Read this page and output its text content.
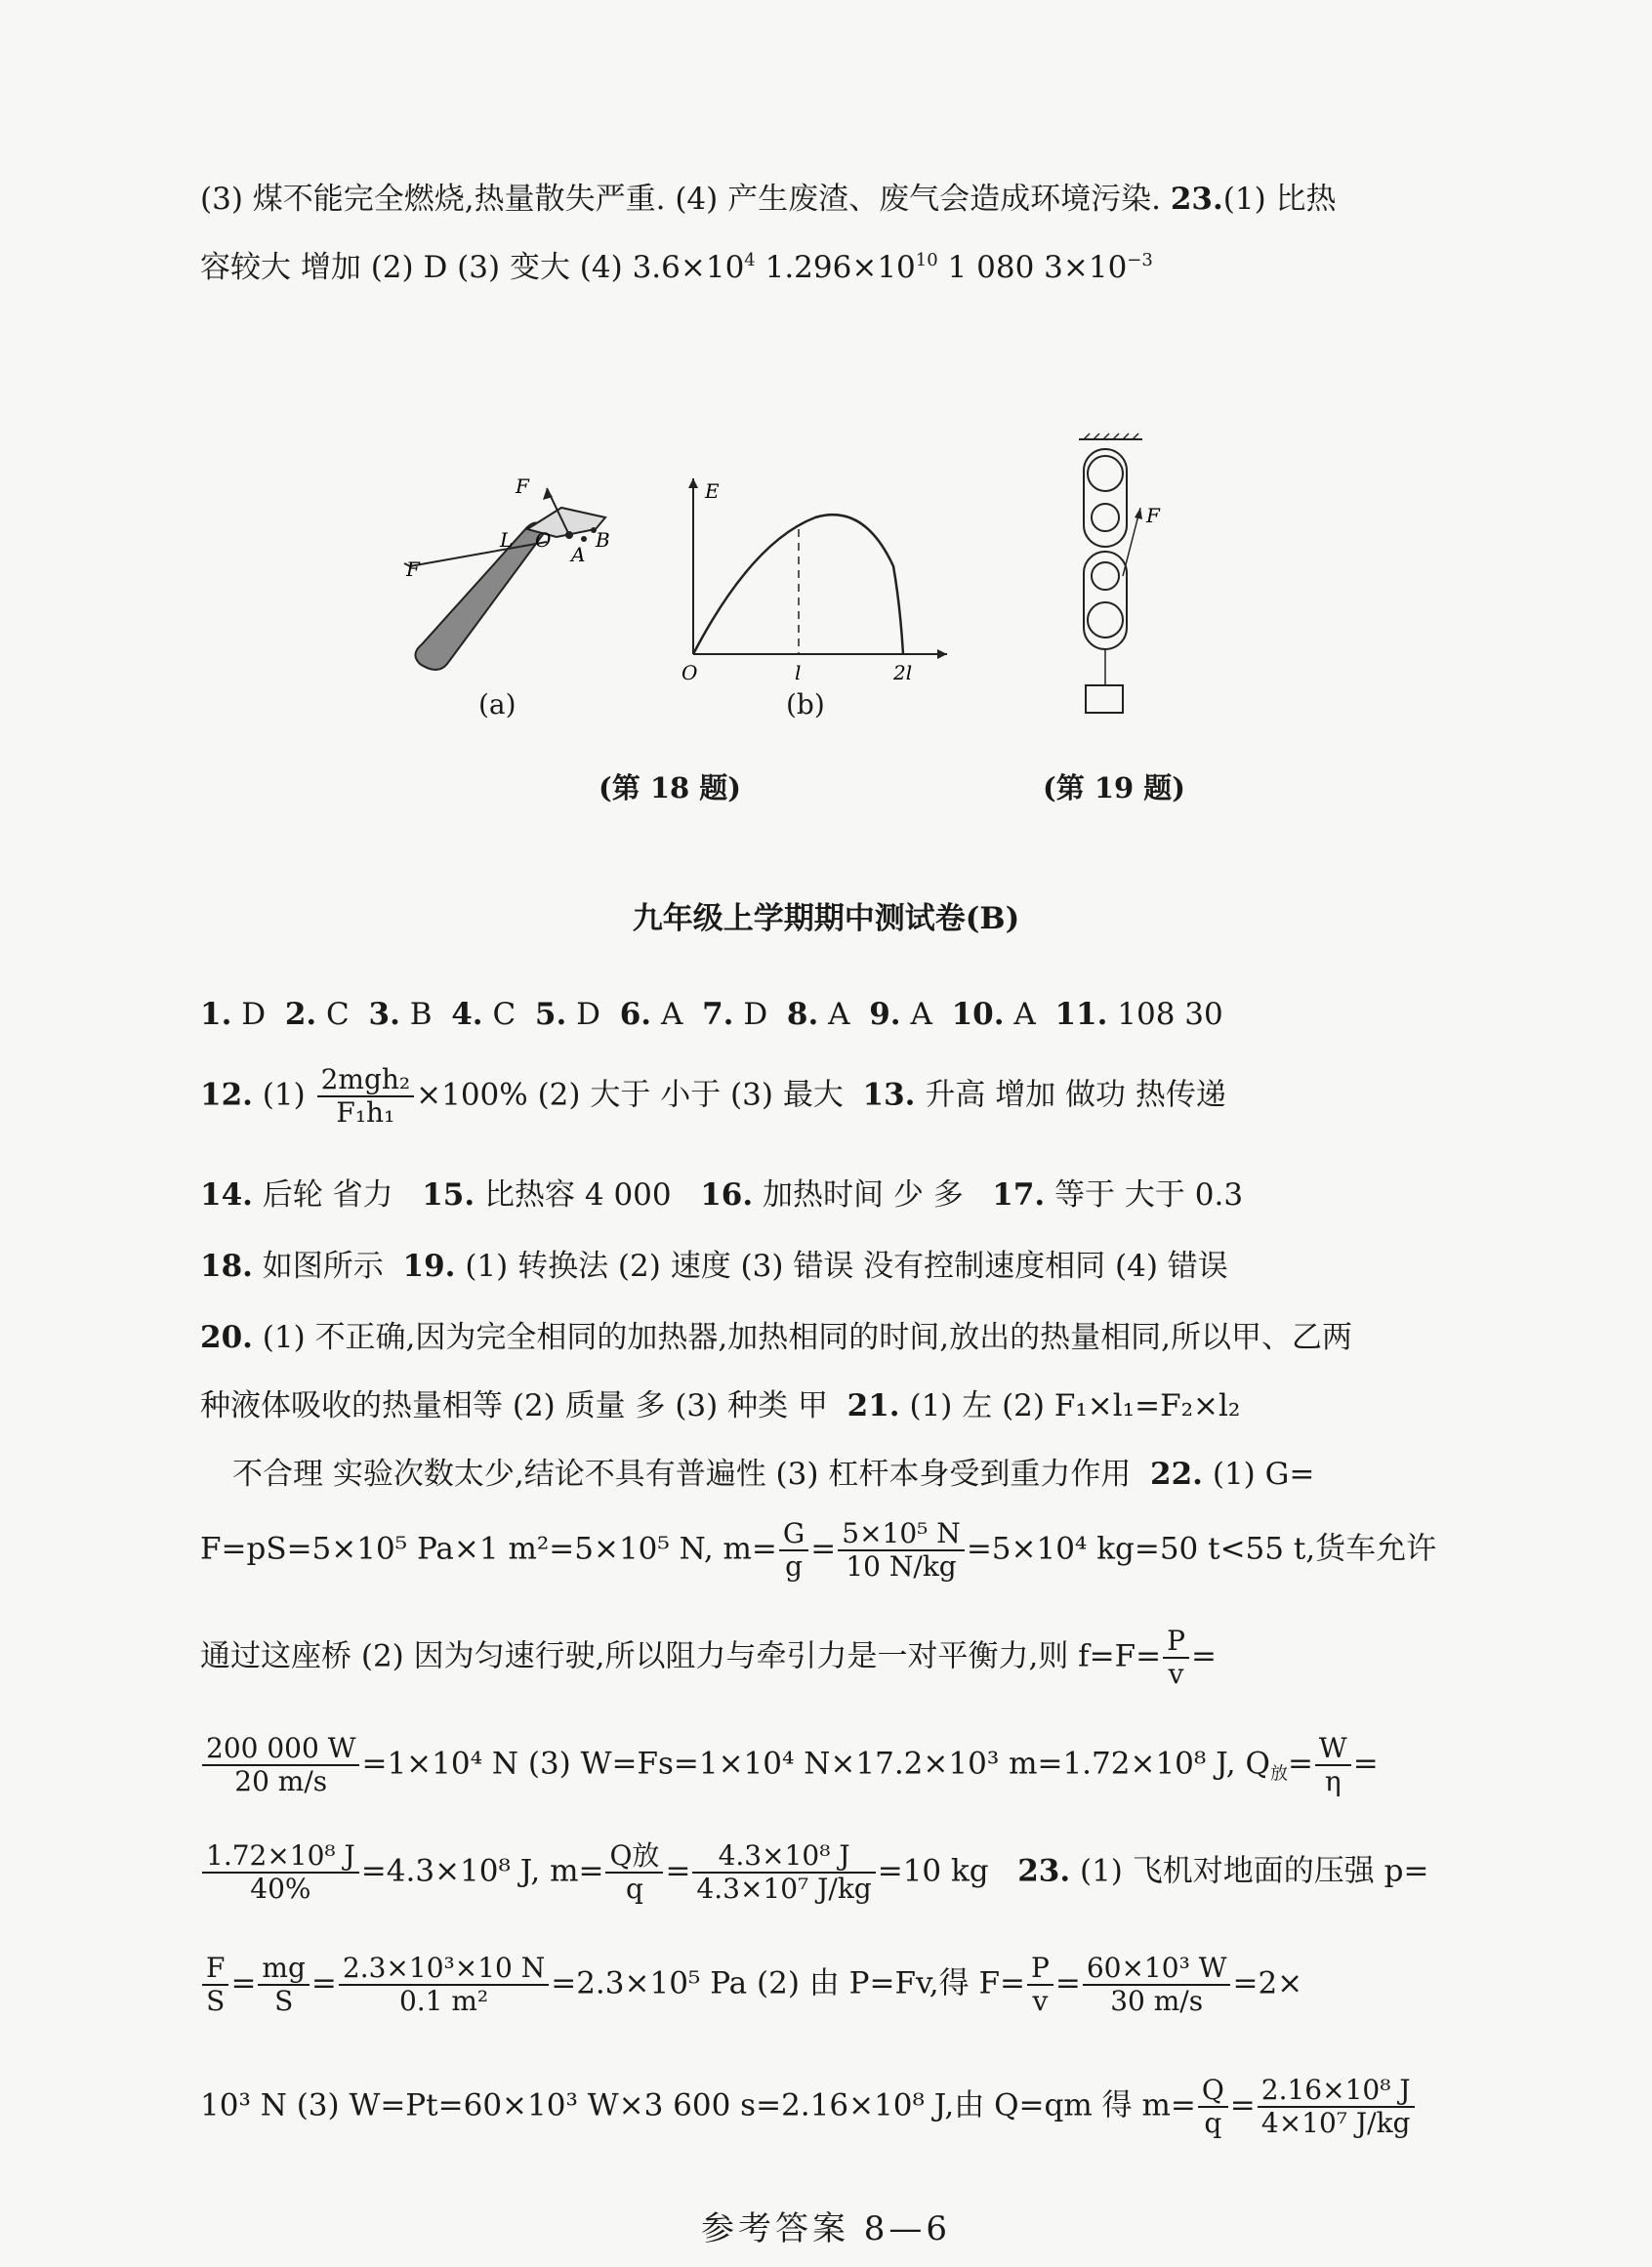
(3) 煤不能完全燃烧,热量散失严重. (4) 产生废渣、废气会造成环境污染. 23.(1) 比热
容较大 增加 (2) D (3) 变大 (4) $3.6\times 10^4$ $1.296\times 10^{10}$ 1 080 $3\times 10^{-3}$
F
L O
A
B
F
(a)
E
O	l	2l
(b)
F
(第 18 题)	(第 19 题)
九年级上学期期中测试卷(B)
1. D 2. C 3. B 4. C 5. D 6. A 7. D 8. A 9. A 10. A 11. 108 30
12. $(1) \frac{\text{2mgh₂}}{\text{F₁h₁}} \times 100\%$ (2) 大于 小于 (3) 最大 13. 升高 增加 做功 热传递
14. 后轮 省力 15. 比热容 4 000 16. 加热时间 少 多 17. 等于 大于 0.3
18. 如图所示 19. (1) 转换法 (2) 速度 (3) 错误 没有控制速度相同 (4) 错误
20. (1) 不正确,因为完全相同的加热器,加热相同的时间,放出的热量相同,所以甲、乙两
种液体吸收的热量相等 (2) 质量 多 (3) 种类 甲 21. (1) 左 (2) F₁×l₁=F₂×l₂
不合理 实验次数太少,结论不具有普遍性 (3) 杠杆本身受到重力作用 22. (1) G=
F=pS=5×10⁵ Pa×1 m²=5×10⁵ N, $m= \frac{G}{g} = \frac{\text{5×10⁵ N}}{10 N/kg} =5\times 10^4$ kg=50 t<55 t,货车允许
通过这座桥 (2) 因为匀速行驶,所以阻力与牵引力是一对平衡力,则 $f=F= \frac{P}{v}$ =
$\frac{200 000 W}{20 m/s} =1\times 10^4$ N (3) W=Fs=1×10⁴ N×17.2×10³ m=1.72×10⁸ J, $Q_放= \frac{W}{\eta}$ =
$\frac{\text{1.72×10⁸ J}}{40\%} =4.3\times 10^8$ J, $m= \frac{\text{Q放}}{q} = \frac{\text{4.3×10⁸ J}}{\text{4.3×10⁷ J/kg}} =10$ kg 23. (1) 飞机对地面的压强 p=
$\frac{F}{S} = \frac{mg}{S} = \frac{\text{2.3×10³×10 N}}{\text{0.1 m²}} =2.3\times 10^5$ Pa (2) 由 P=Fv,得 $F= \frac{P}{v} = \frac{\text{60×10³ W}}{30 m/s} =2\times$
10³ N (3) W=Pt=60×10³ W×3 600 s=2.16×10⁸ J,由 Q=qm 得 $m= \frac{Q}{q} = \frac{\text{2.16×10⁸ J}}{\text{4×10⁷ J/kg}}$
参考答案 8—6
